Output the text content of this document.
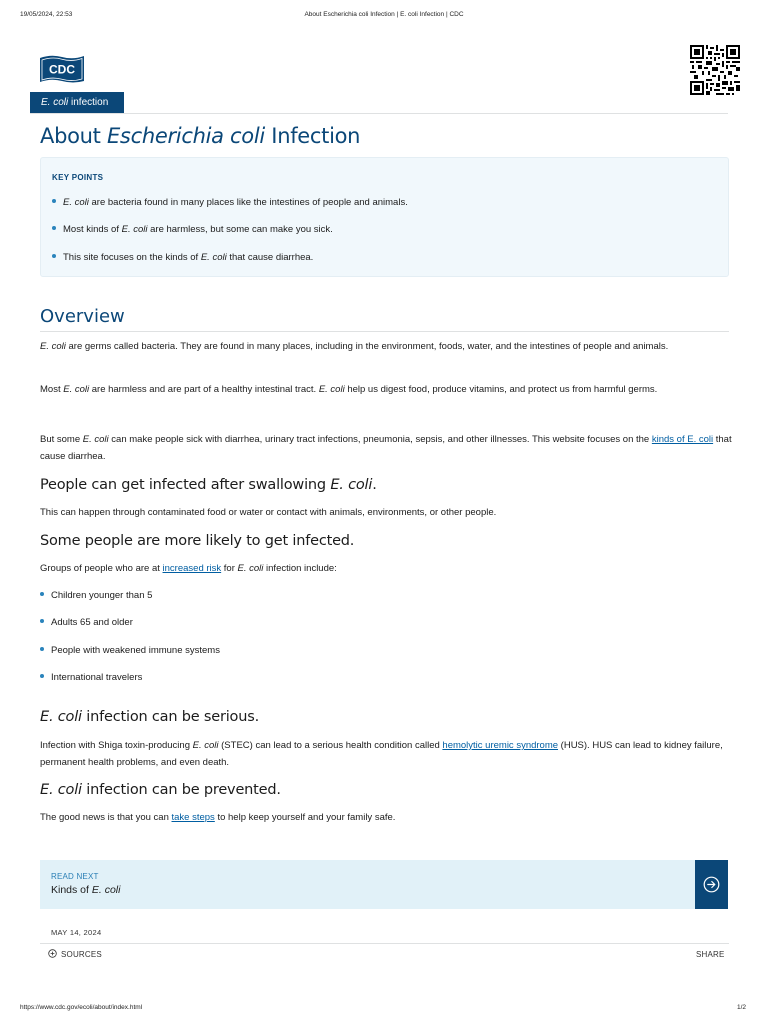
19/05/2024, 22:53	About Escherichia coli Infection | E. coli Infection | CDC
CDC
E. coli infection
About Escherichia coli Infection
KEY POINTS
E. coli are bacteria found in many places like the intestines of people and animals.
Most kinds of E. coli are harmless, but some can make you sick.
This site focuses on the kinds of E. coli that cause diarrhea.
Overview
E. coli are germs called bacteria. They are found in many places, including in the environment, foods, water, and the intestines of people and animals.
Most E. coli are harmless and are part of a healthy intestinal tract. E. coli help us digest food, produce vitamins, and protect us from harmful germs.
But some E. coli can make people sick with diarrhea, urinary tract infections, pneumonia, sepsis, and other illnesses. This website focuses on the kinds of E. coli that cause diarrhea.
People can get infected after swallowing E. coli.
This can happen through contaminated food or water or contact with animals, environments, or other people.
Some people are more likely to get infected.
Groups of people who are at increased risk for E. coli infection include:
Children younger than 5
Adults 65 and older
People with weakened immune systems
International travelers
E. coli infection can be serious.
Infection with Shiga toxin-producing E. coli (STEC) can lead to a serious health condition called hemolytic uremic syndrome (HUS). HUS can lead to kidney failure, permanent health problems, and even death.
E. coli infection can be prevented.
The good news is that you can take steps to help keep yourself and your family safe.
READ NEXT
Kinds of E. coli
MAY 14, 2024
SOURCES	SHARE
https://www.cdc.gov/ecoli/about/index.html	1/2
